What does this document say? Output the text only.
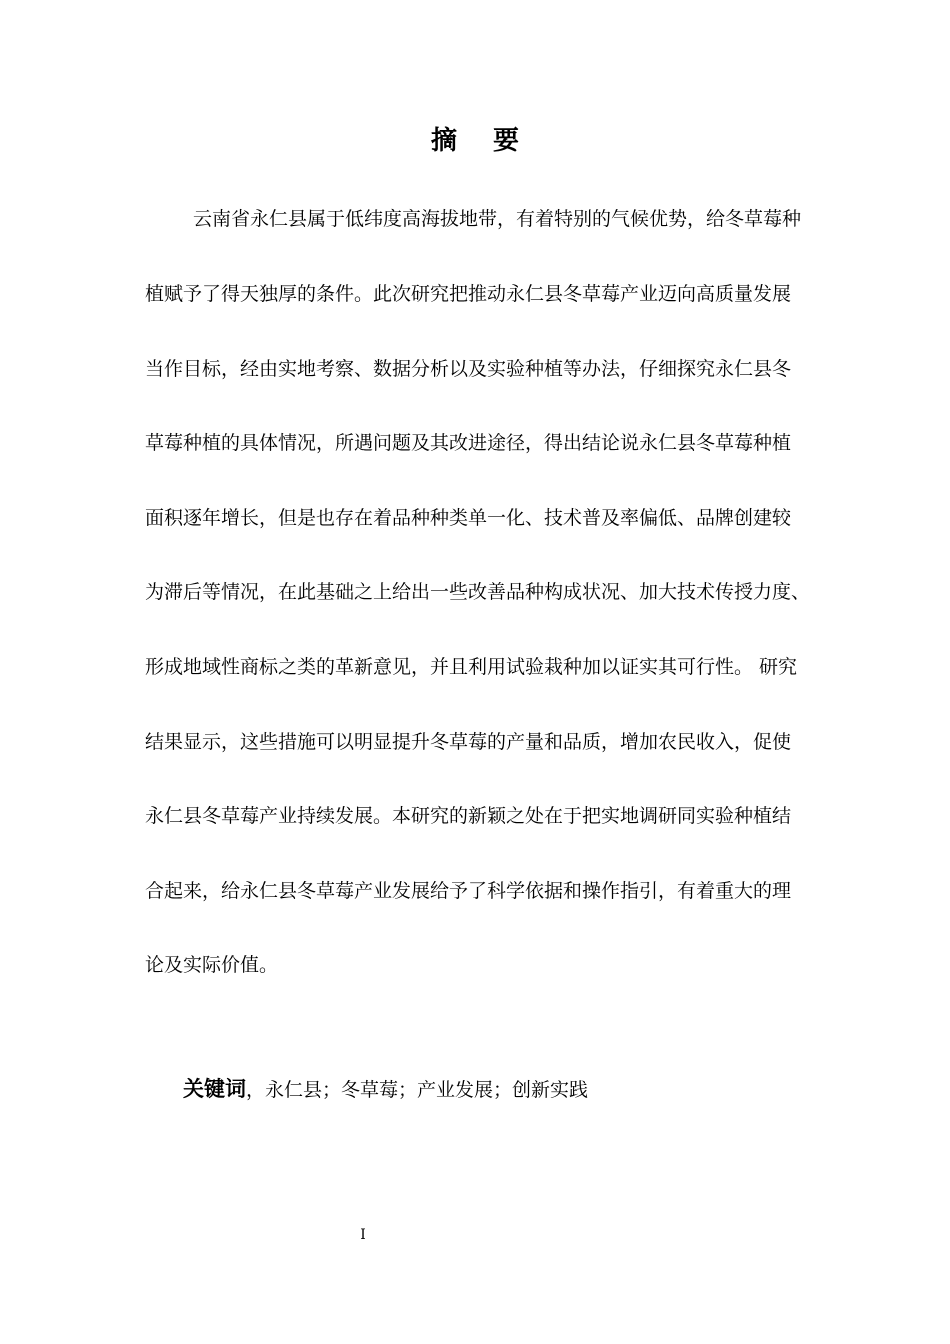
摘要
云南省永仁县属于低纬度高海拔地带，有着特别的气候优势，给冬草莓种
植赋予了得天独厚的条件。此次研究把推动永仁县冬草莓产业迈向高质量发展
当作目标，经由实地考察、数据分析以及实验种植等办法，仔细探究永仁县冬
草莓种植的具体情况，所遇问题及其改进途径，得出结论说永仁县冬草莓种植
面积逐年增长，但是也存在着品种种类单一化、技术普及率偏低、品牌创建较
为滞后等情况，在此基础之上给出一些改善品种构成状况、加大技术传授力度、
形成地域性商标之类的革新意见，并且利用试验栽种加以证实其可行性。 研究
结果显示，这些措施可以明显提升冬草莓的产量和品质，增加农民收入，促使
永仁县冬草莓产业持续发展。本研究的新颖之处在于把实地调研同实验种植结
合起来，给永仁县冬草莓产业发展给予了科学依据和操作指引，有着重大的理
论及实际价值。
关键词，永仁县；冬草莓；产业发展；创新实践
I
